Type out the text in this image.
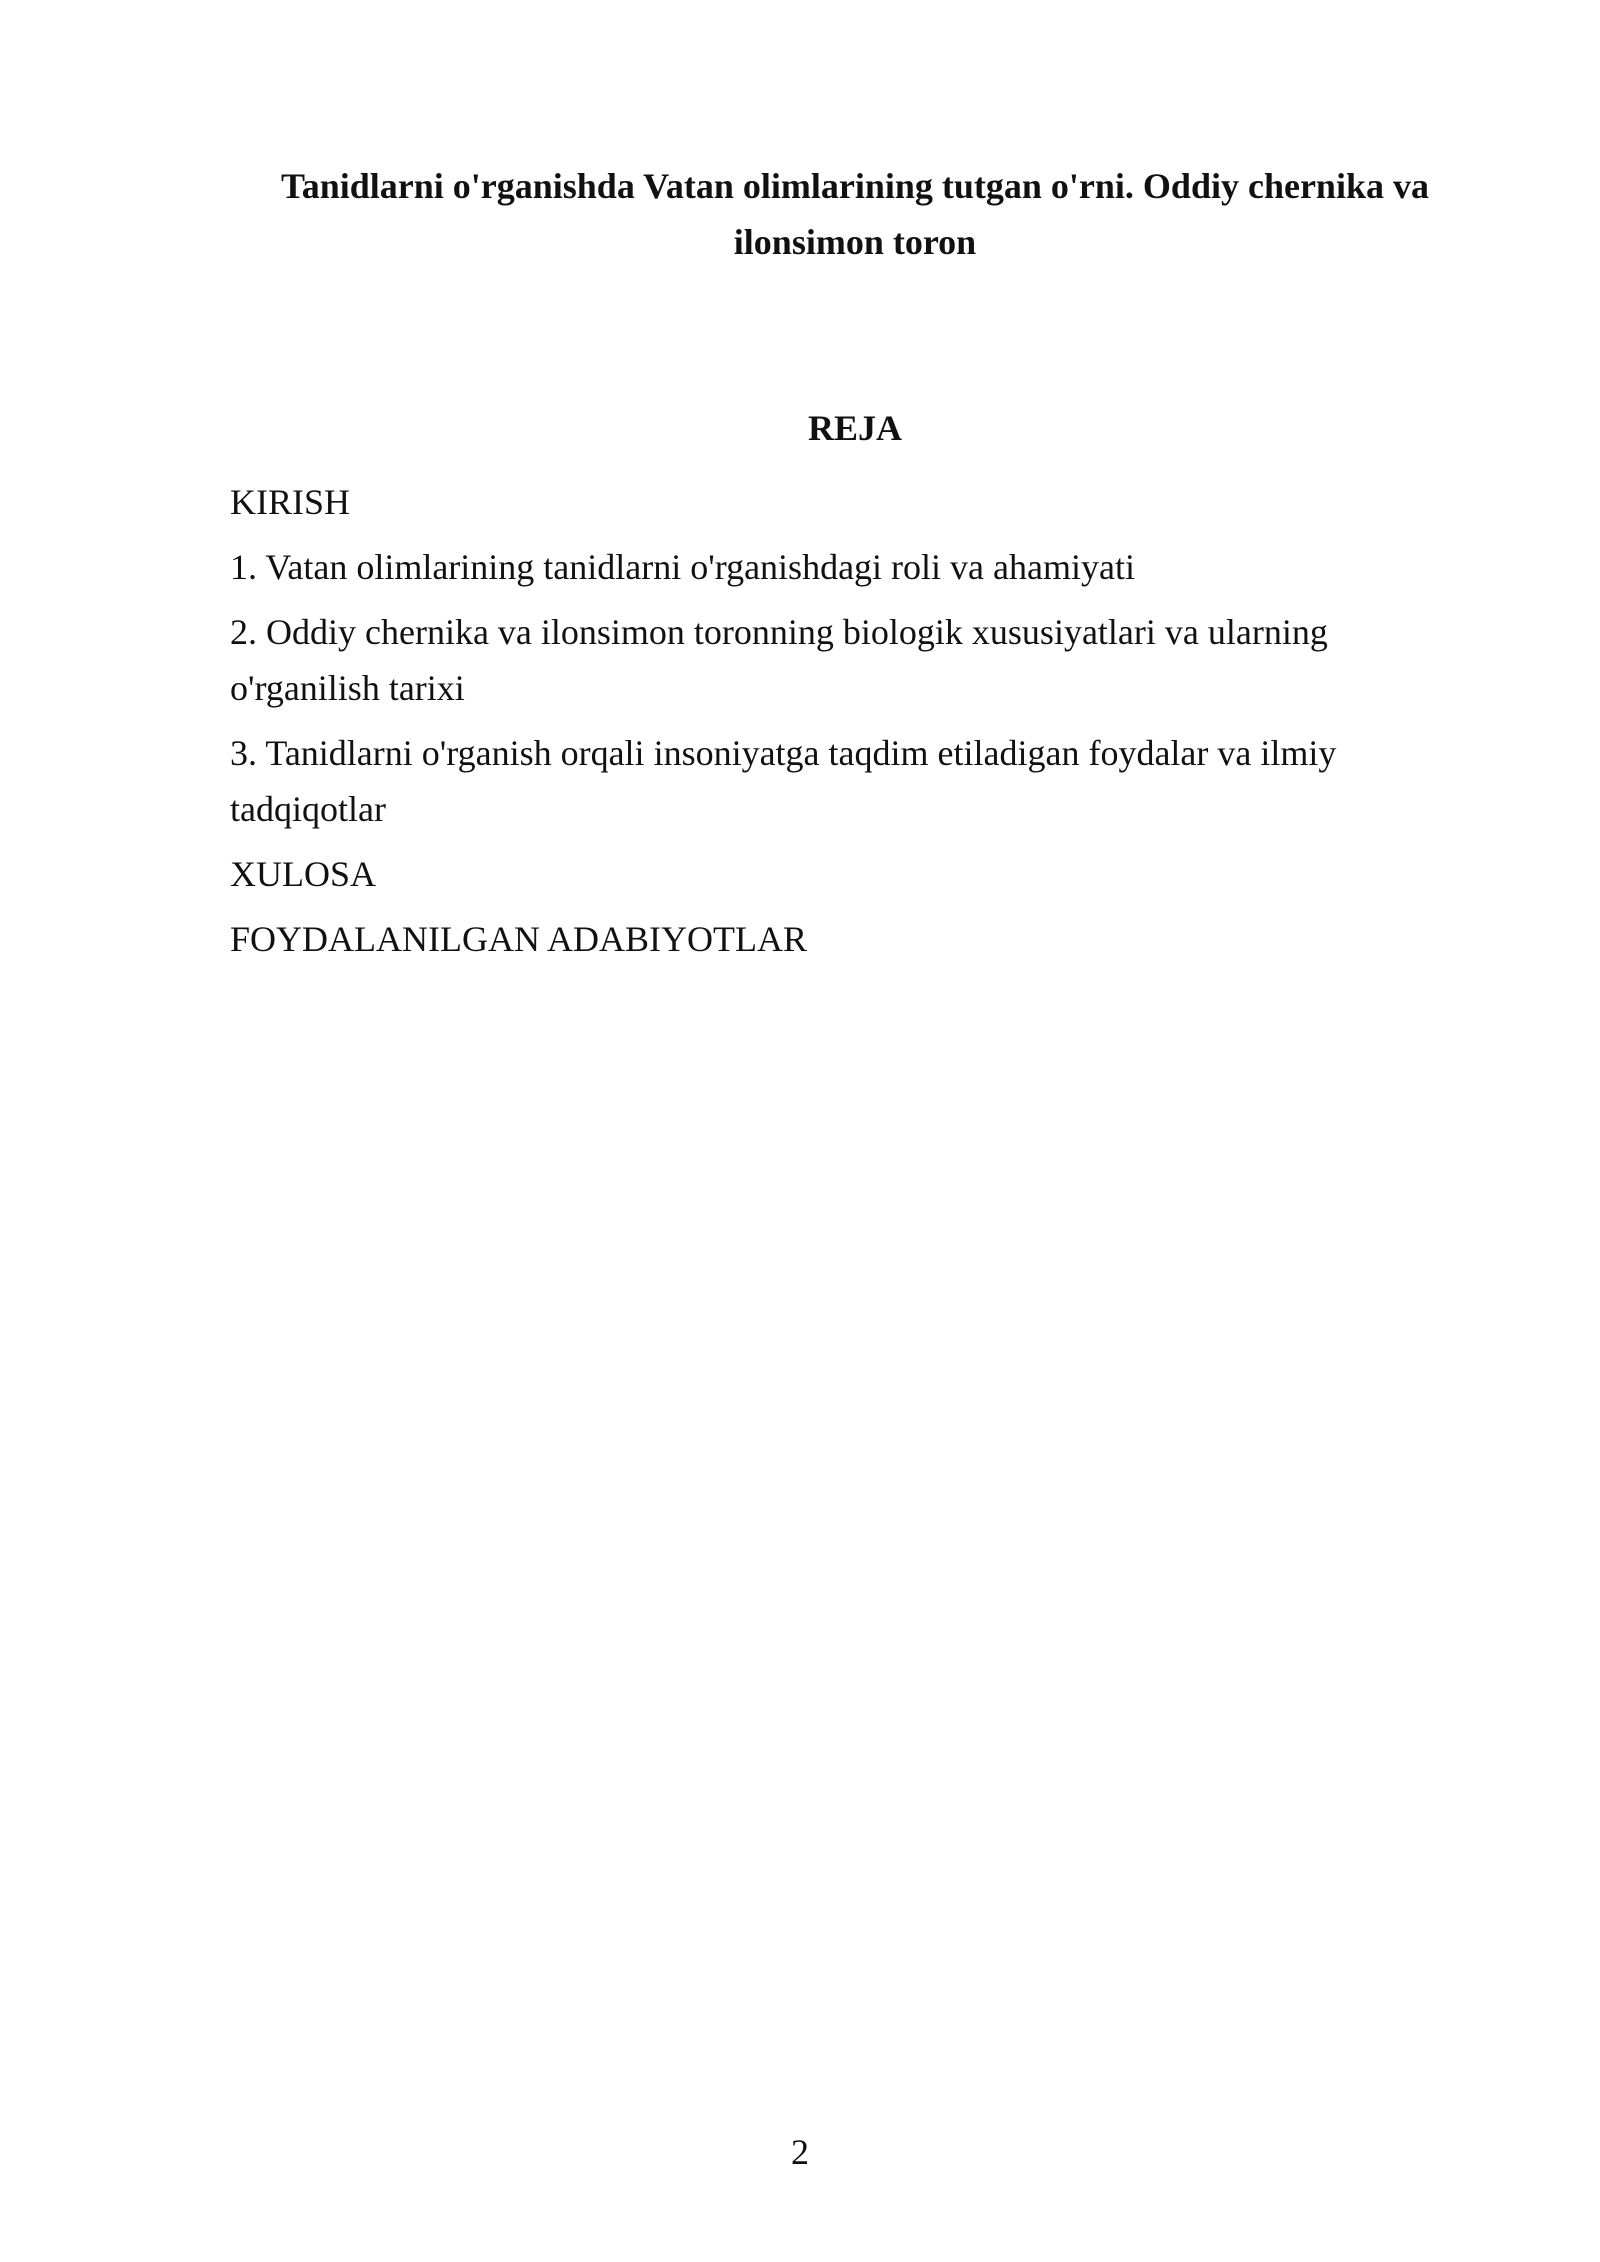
Tanidlarni o'rganishda Vatan olimlarining tutgan o'rni. Oddiy chernika va ilonsimon toron
REJA
KIRISH
1. Vatan olimlarining tanidlarni o'rganishdagi roli va ahamiyati
2. Oddiy chernika va ilonsimon toronning biologik xususiyatlari va ularning o'rganilish tarixi
3. Tanidlarni o'rganish orqali insoniyatga taqdim etiladigan foydalar va ilmiy tadqiqotlar
XULOSA
FOYDALANILGAN ADABIYOTLAR
2
